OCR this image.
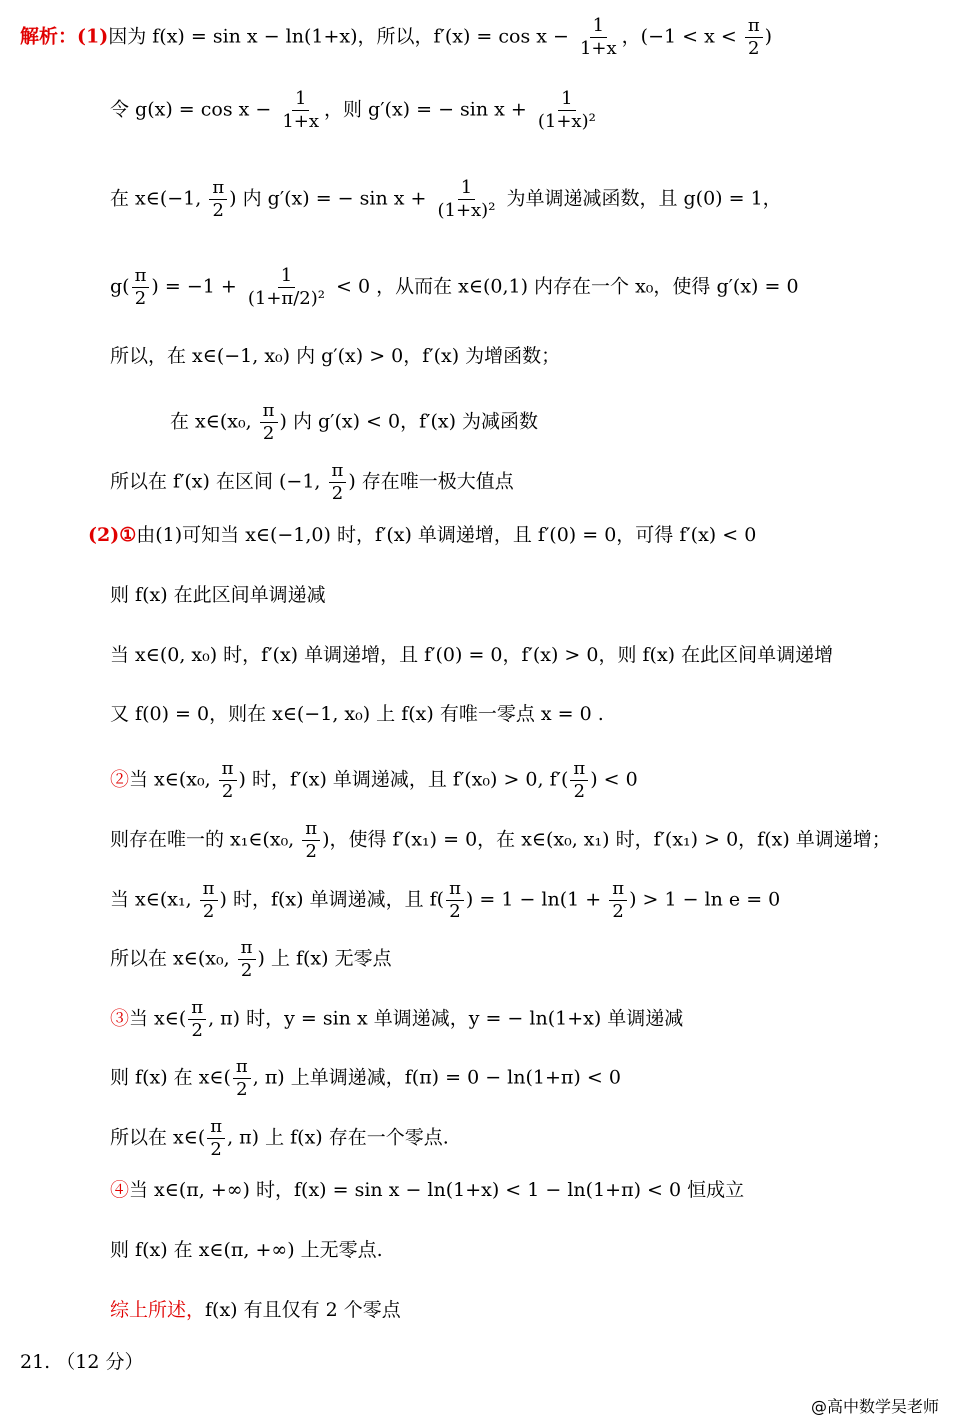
解析：(1)因为 f(x) = sin x − ln(1+x)，所以，$f'(x) = \cos x - \frac{1}{1+x}$ ，($-1 < x < \frac{\pi}{2}$ )
令 $g(x) = \cos x - \frac{1}{1+x}$ ，则 g′(x) = − $\sin x + \frac{1}{\text{(1+x)²}}$
在 x∈(−1, $\frac{\pi}{2}$ ) 内 g′(x) = − $\sin x + \frac{1}{\text{(1+x)²}}$ 为单调递减函数，且 g(0) = 1，
$g( \frac{\pi}{2}$ ) = $-1 + \frac{1}{\text{(1+π/2)²}} < 0$ ，从而在 x∈(0,1) 内存在一个 x₀，使得 g′(x) = 0
所以，在 x∈(−1, x₀) 内 g′(x) > 0，f′(x) 为增函数；
在 x∈(x₀, $\frac{\pi}{2}$ ) 内 g′(x) < 0，f′(x) 为减函数
所以在 f′(x) 在区间 (−1, $\frac{\pi}{2}$ ) 存在唯一极大值点
(2)①由(1)可知当 x∈(−1,0) 时，f′(x) 单调递增，且 f′(0) = 0，可得 f′(x) < 0
则 f(x) 在此区间单调递减
当 x∈(0, x₀) 时，f′(x) 单调递增，且 f′(0) = 0，f′(x) > 0，则 f(x) 在此区间单调递增
又 f(0) = 0，则在 x∈(−1, x₀) 上 f(x) 有唯一零点 x = 0 .
②当 x∈(x₀, $\frac{\pi}{2}$ ) 时，f′(x) 单调递减，且 f′(x₀) > 0, $f'( \frac{\pi}{2}$ ) < 0
则存在唯一的 x₁∈(x₀, $\frac{\pi}{2}$ )，使得 f′(x₁) = 0，在 x∈(x₀, x₁) 时，f′(x₁) > 0，f(x) 单调递增；
当 x∈(x₁, $\frac{\pi}{2}$ ) 时，f(x) 单调递减，且 $f( \frac{\pi}{2}$ ) = $1 - \ln(1 + \frac{\pi}{2}$ ) > 1 − ln e = 0
所以在 x∈(x₀, $\frac{\pi}{2}$ ) 上 f(x) 无零点
③当 x∈( $\frac{\pi}{2}$ , π) 时，y = sin x 单调递减，y = − ln(1+x) 单调递减
则 f(x) 在 x∈( $\frac{\pi}{2}$ , π) 上单调递减，f(π) = 0 − ln(1+π) < 0
所以在 x∈( $\frac{\pi}{2}$ , π) 上 f(x) 存在一个零点.
④当 x∈(π, +∞) 时，f(x) = sin x − ln(1+x) < 1 − ln(1+π) < 0 恒成立
则 f(x) 在 x∈(π, +∞) 上无零点.
综上所述，f(x) 有且仅有 2 个零点
21. （12 分）
@高中数学吴老师
